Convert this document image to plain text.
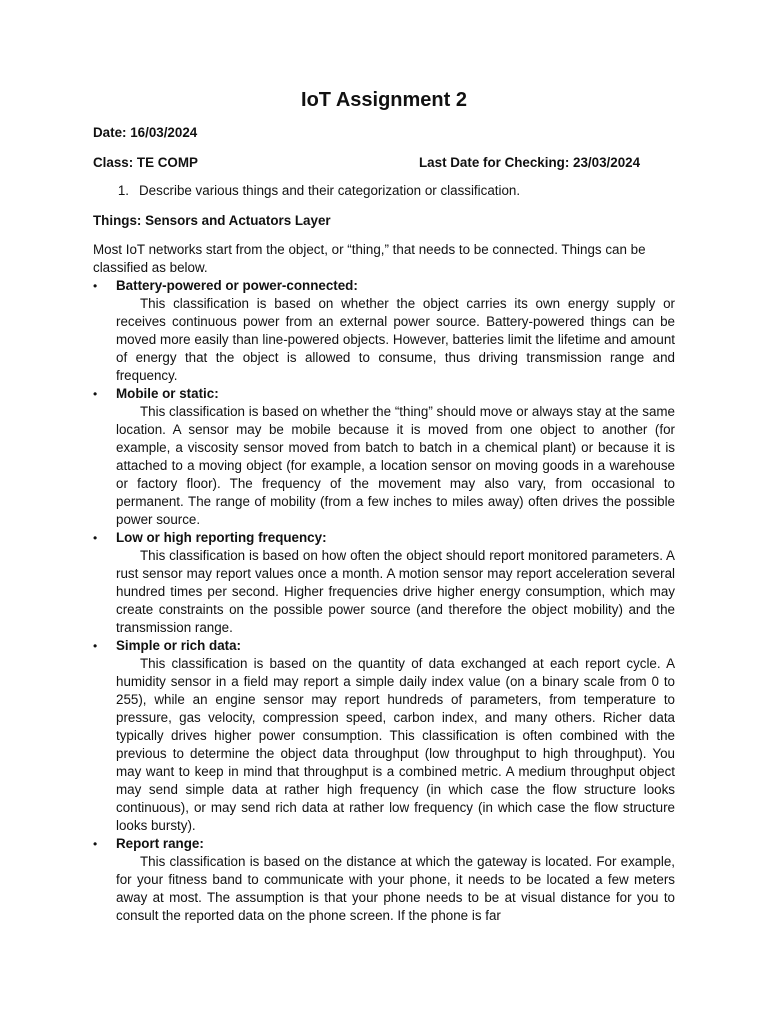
IoT Assignment 2
Date: 16/03/2024
Class: TE COMP	Last Date for Checking: 23/03/2024
1. Describe various things and their categorization or classification.
Things: Sensors and Actuators Layer

Most IoT networks start from the object, or “thing,” that needs to be connected. Things can be classified as below.

•	Battery-powered or power-connected:

This classification is based on whether the object carries its own energy supply or receives continuous power from an external power source. Battery-powered things can be moved more easily than line-powered objects. However, batteries limit the lifetime and amount of energy that the object is allowed to consume, thus driving transmission range and frequency.

•	Mobile or static:

This classification is based on whether the “thing” should move or always stay at the same location. A sensor may be mobile because it is moved from one object to another (for example, a viscosity sensor moved from batch to batch in a chemical plant) or because it is attached to a moving object (for example, a location sensor on moving goods in a warehouse or factory floor). The frequency of the movement may also vary, from occasional to permanent. The range of mobility (from a few inches to miles away) often drives the possible power source.

•	Low or high reporting frequency:

This classification is based on how often the object should report monitored parameters. A rust sensor may report values once a month. A motion sensor may report acceleration several hundred times per second. Higher frequencies drive higher energy consumption, which may create constraints on the possible power source (and therefore the object mobility) and the transmission range.

•	Simple or rich data:

This classification is based on the quantity of data exchanged at each report cycle. A humidity sensor in a field may report a simple daily index value (on a binary scale from 0 to 255), while an engine sensor may report hundreds of parameters, from temperature to pressure, gas velocity, compression speed, carbon index, and many others. Richer data typically drives higher power consumption. This classification is often combined with the previous to determine the object data throughput (low throughput to high throughput). You may want to keep in mind that throughput is a combined metric. A medium throughput object may send simple data at rather high frequency (in which case the flow structure looks continuous), or may send rich data at rather low frequency (in which case the flow structure looks bursty).

•	Report range:

This classification is based on the distance at which the gateway is located. For example, for your fitness band to communicate with your phone, it needs to be located a few meters away at most. The assumption is that your phone needs to be at visual distance for you to consult the reported data on the phone screen. If the phone is far
